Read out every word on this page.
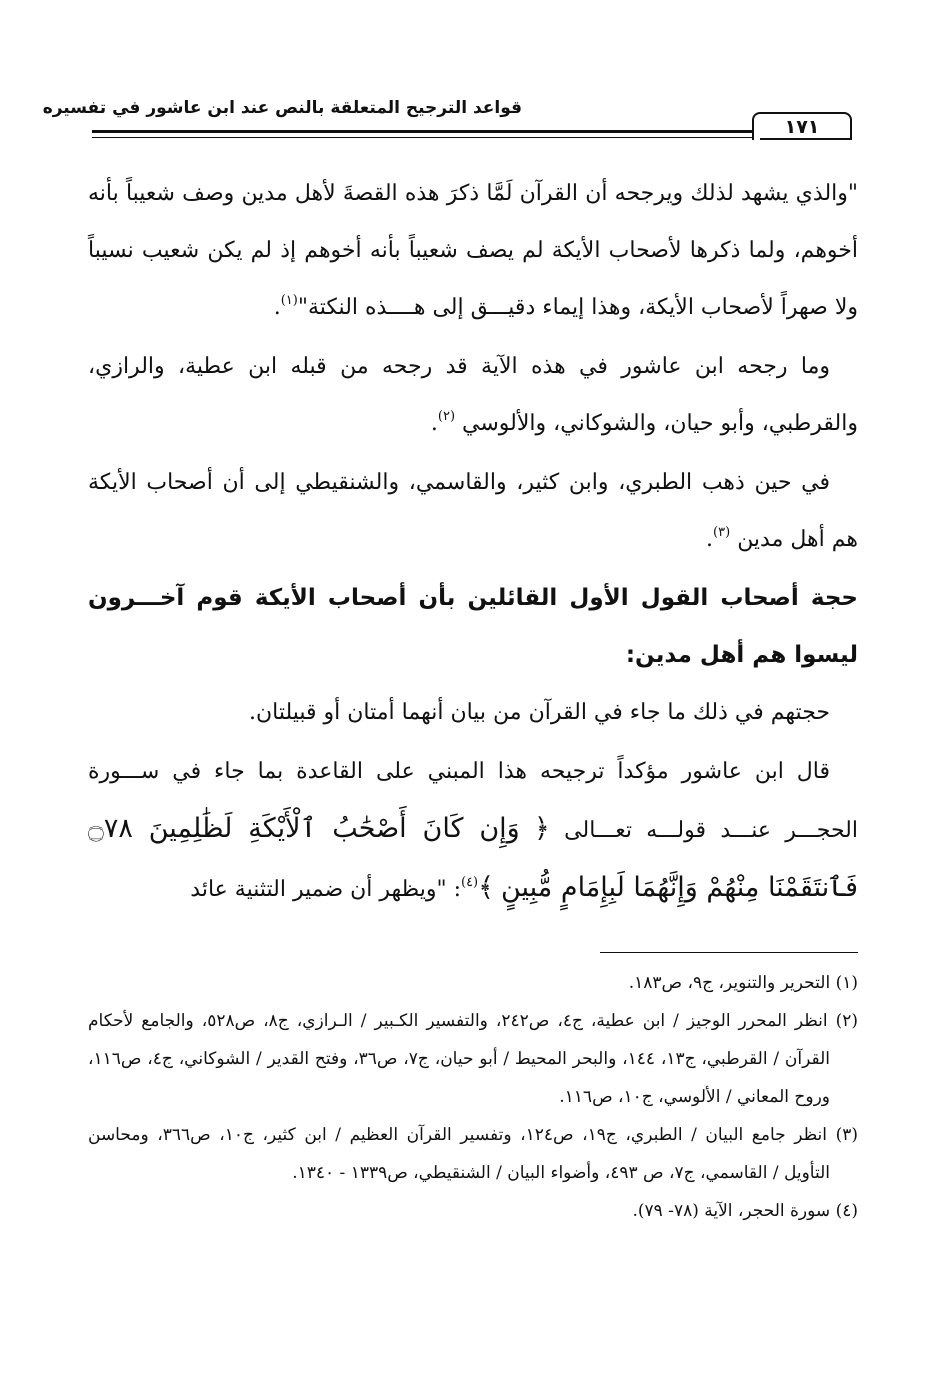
قواعد الترجيح المتعلقة بالنص عند ابن عاشور في تفسيره
١٧١

"والذي يشهد لذلك ويرجحه أن القرآن لَمَّا ذكرَ هذه القصةَ لأهل مدين وصف شعيباً بأنه أخوهم، ولما ذكرها لأصحاب الأيكة لم يصف شعيباً بأنه أخوهم إذ لم يكن شعيب نسيباً ولا صهراً لأصحاب الأيكة، وهذا إيماء دقيـــق إلى هــــذه النكتة"$^{(١)}$.

وما رجحه ابن عاشور في هذه الآية قد رجحه من قبله ابن عطية، والرازي، والقرطبي، وأبو حيان، والشوكاني، والألوسي $^{(٢)}$.

في حين ذهب الطبري، وابن كثير، والقاسمي، والشنقيطي إلى أن أصحاب الأيكة هم أهل مدين $^{(٣)}$.

حجة أصحاب القول الأول القائلين بأن أصحاب الأيكة قوم آخـــرون ليسوا هم أهل مدين:

حجتهم في ذلك ما جاء في القرآن من بيان أنهما أمتان أو قبيلتان.

قال ابن عاشور مؤكداً ترجيحه هذا المبني على القاعدة بما جاء في ســـورة الحجـــر عنـــد قولـــه تعـــالى ﴿ وَإِن كَانَ أَصْحَٰبُ ٱلْأَيْكَةِ لَظَٰلِمِينَ ۝٧٨ فَٱنتَقَمْنَا مِنْهُمْ وَإِنَّهُمَا لَبِإِمَامٍ مُّبِينٍ ﴾$^{(٤)}$: "ويظهر أن ضمير التثنية عائد

(١) التحرير والتنوير، ج٩، ص١٨٣.

(٢) انظر المحرر الوجيز / ابن عطية، ج٤، ص٢٤٢، والتفسير الكـبير / الـرازي، ج٨، ص٥٢٨، والجامع لأحكام القرآن / القرطبي، ج١٣، ١٤٤، والبحر المحيط / أبو حيان، ج٧، ص٣٦، وفتح القدير / الشوكاني، ج٤، ص١١٦، وروح المعاني / الألوسي، ج١٠، ص١١٦.

(٣) انظر جامع البيان / الطبري، ج١٩، ص١٢٤، وتفسير القرآن العظيم / ابن كثير، ج١٠، ص٣٦٦، ومحاسن التأويل / القاسمي، ج٧، ص ٤٩٣، وأضواء البيان / الشنقيطي، ص١٣٣٩ - ١٣٤٠.

(٤) سورة الحجر، الآية (٧٨- ٧٩).
